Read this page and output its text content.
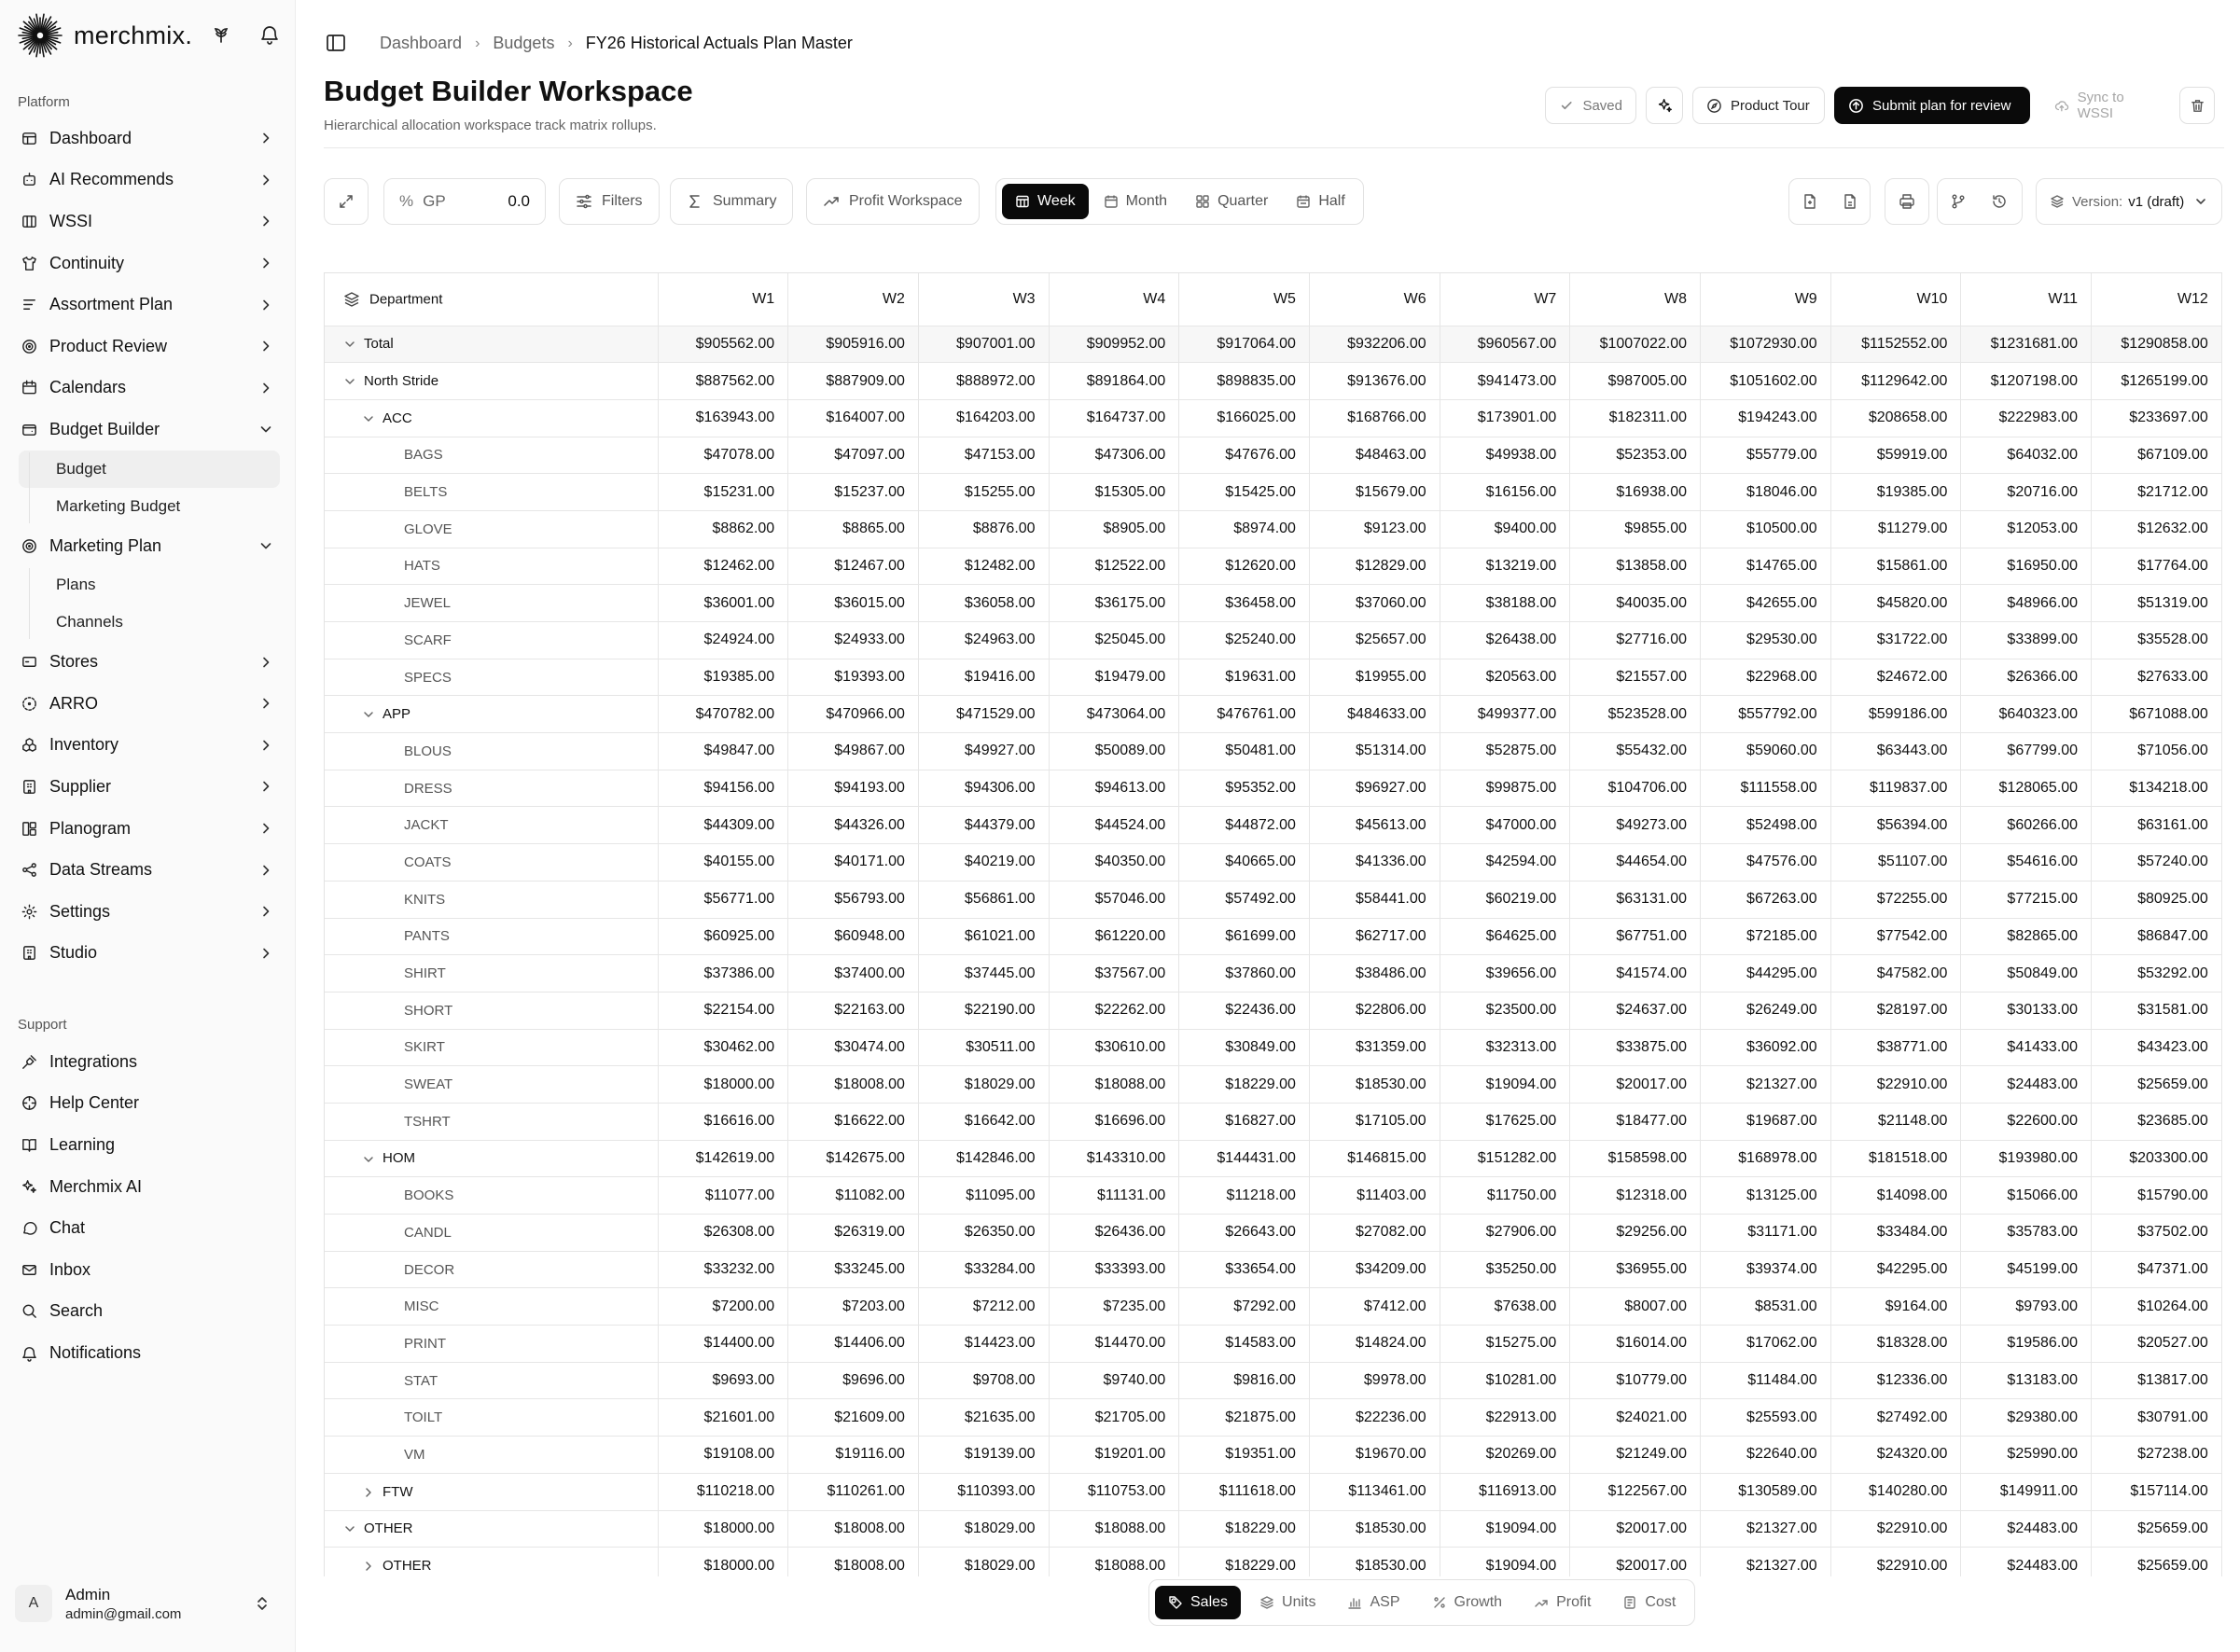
merchmix.
Platform
Dashboard
AI Recommends
WSSI
Continuity
Assortment Plan
Product Review
Calendars
Budget Builder
Budget
Marketing Budget
Marketing Plan
Plans
Channels
Stores
ARRO
Inventory
Supplier
Planogram
Data Streams
Settings
Studio
Support
Integrations
Help Center
Learning
Merchmix AI
Chat
Inbox
Search
Notifications
A	Admin
admin@gmail.com
Dashboard › Budgets › FY26 Historical Actuals Plan Master
Budget Builder Workspace
Hierarchical allocation workspace track matrix rollups.
Saved	Product Tour	Submit plan for review	Sync to WSSI
% GP	0.0	Filters	Summary	Profit Workspace	Week	Month	Quarter	Half	Version: v1 (draft)
Department	W1	W2	W3	W4	W5	W6	W7	W8	W9	W10	W11	W12
Total	$905562.00	$905916.00	$907001.00	$909952.00	$917064.00	$932206.00	$960567.00	$1007022.00	$1072930.00	$1152552.00	$1231681.00	$1290858.00
North Stride	$887562.00	$887909.00	$888972.00	$891864.00	$898835.00	$913676.00	$941473.00	$987005.00	$1051602.00	$1129642.00	$1207198.00	$1265199.00
ACC	$163943.00	$164007.00	$164203.00	$164737.00	$166025.00	$168766.00	$173901.00	$182311.00	$194243.00	$208658.00	$222983.00	$233697.00
BAGS	$47078.00	$47097.00	$47153.00	$47306.00	$47676.00	$48463.00	$49938.00	$52353.00	$55779.00	$59919.00	$64032.00	$67109.00
BELTS	$15231.00	$15237.00	$15255.00	$15305.00	$15425.00	$15679.00	$16156.00	$16938.00	$18046.00	$19385.00	$20716.00	$21712.00
GLOVE	$8862.00	$8865.00	$8876.00	$8905.00	$8974.00	$9123.00	$9400.00	$9855.00	$10500.00	$11279.00	$12053.00	$12632.00
HATS	$12462.00	$12467.00	$12482.00	$12522.00	$12620.00	$12829.00	$13219.00	$13858.00	$14765.00	$15861.00	$16950.00	$17764.00
JEWEL	$36001.00	$36015.00	$36058.00	$36175.00	$36458.00	$37060.00	$38188.00	$40035.00	$42655.00	$45820.00	$48966.00	$51319.00
SCARF	$24924.00	$24933.00	$24963.00	$25045.00	$25240.00	$25657.00	$26438.00	$27716.00	$29530.00	$31722.00	$33899.00	$35528.00
SPECS	$19385.00	$19393.00	$19416.00	$19479.00	$19631.00	$19955.00	$20563.00	$21557.00	$22968.00	$24672.00	$26366.00	$27633.00
APP	$470782.00	$470966.00	$471529.00	$473064.00	$476761.00	$484633.00	$499377.00	$523528.00	$557792.00	$599186.00	$640323.00	$671088.00
BLOUS	$49847.00	$49867.00	$49927.00	$50089.00	$50481.00	$51314.00	$52875.00	$55432.00	$59060.00	$63443.00	$67799.00	$71056.00
DRESS	$94156.00	$94193.00	$94306.00	$94613.00	$95352.00	$96927.00	$99875.00	$104706.00	$111558.00	$119837.00	$128065.00	$134218.00
JACKT	$44309.00	$44326.00	$44379.00	$44524.00	$44872.00	$45613.00	$47000.00	$49273.00	$52498.00	$56394.00	$60266.00	$63161.00
COATS	$40155.00	$40171.00	$40219.00	$40350.00	$40665.00	$41336.00	$42594.00	$44654.00	$47576.00	$51107.00	$54616.00	$57240.00
KNITS	$56771.00	$56793.00	$56861.00	$57046.00	$57492.00	$58441.00	$60219.00	$63131.00	$67263.00	$72255.00	$77215.00	$80925.00
PANTS	$60925.00	$60948.00	$61021.00	$61220.00	$61699.00	$62717.00	$64625.00	$67751.00	$72185.00	$77542.00	$82865.00	$86847.00
SHIRT	$37386.00	$37400.00	$37445.00	$37567.00	$37860.00	$38486.00	$39656.00	$41574.00	$44295.00	$47582.00	$50849.00	$53292.00
SHORT	$22154.00	$22163.00	$22190.00	$22262.00	$22436.00	$22806.00	$23500.00	$24637.00	$26249.00	$28197.00	$30133.00	$31581.00
SKIRT	$30462.00	$30474.00	$30511.00	$30610.00	$30849.00	$31359.00	$32313.00	$33875.00	$36092.00	$38771.00	$41433.00	$43423.00
SWEAT	$18000.00	$18008.00	$18029.00	$18088.00	$18229.00	$18530.00	$19094.00	$20017.00	$21327.00	$22910.00	$24483.00	$25659.00
TSHRT	$16616.00	$16622.00	$16642.00	$16696.00	$16827.00	$17105.00	$17625.00	$18477.00	$19687.00	$21148.00	$22600.00	$23685.00
HOM	$142619.00	$142675.00	$142846.00	$143310.00	$144431.00	$146815.00	$151282.00	$158598.00	$168978.00	$181518.00	$193980.00	$203300.00
BOOKS	$11077.00	$11082.00	$11095.00	$11131.00	$11218.00	$11403.00	$11750.00	$12318.00	$13125.00	$14098.00	$15066.00	$15790.00
CANDL	$26308.00	$26319.00	$26350.00	$26436.00	$26643.00	$27082.00	$27906.00	$29256.00	$31171.00	$33484.00	$35783.00	$37502.00
DECOR	$33232.00	$33245.00	$33284.00	$33393.00	$33654.00	$34209.00	$35250.00	$36955.00	$39374.00	$42295.00	$45199.00	$47371.00
MISC	$7200.00	$7203.00	$7212.00	$7235.00	$7292.00	$7412.00	$7638.00	$8007.00	$8531.00	$9164.00	$9793.00	$10264.00
PRINT	$14400.00	$14406.00	$14423.00	$14470.00	$14583.00	$14824.00	$15275.00	$16014.00	$17062.00	$18328.00	$19586.00	$20527.00
STAT	$9693.00	$9696.00	$9708.00	$9740.00	$9816.00	$9978.00	$10281.00	$10779.00	$11484.00	$12336.00	$13183.00	$13817.00
TOILT	$21601.00	$21609.00	$21635.00	$21705.00	$21875.00	$22236.00	$22913.00	$24021.00	$25593.00	$27492.00	$29380.00	$30791.00
VM	$19108.00	$19116.00	$19139.00	$19201.00	$19351.00	$19670.00	$20269.00	$21249.00	$22640.00	$24320.00	$25990.00	$27238.00
FTW	$110218.00	$110261.00	$110393.00	$110753.00	$111618.00	$113461.00	$116913.00	$122567.00	$130589.00	$140280.00	$149911.00	$157114.00
OTHER	$18000.00	$18008.00	$18029.00	$18088.00	$18229.00	$18530.00	$19094.00	$20017.00	$21327.00	$22910.00	$24483.00	$25659.00
OTHER	$18000.00	$18008.00	$18029.00	$18088.00	$18229.00	$18530.00	$19094.00	$20017.00	$21327.00	$22910.00	$24483.00	$25659.00
Sales	Units	ASP	Growth	Profit	Cost
